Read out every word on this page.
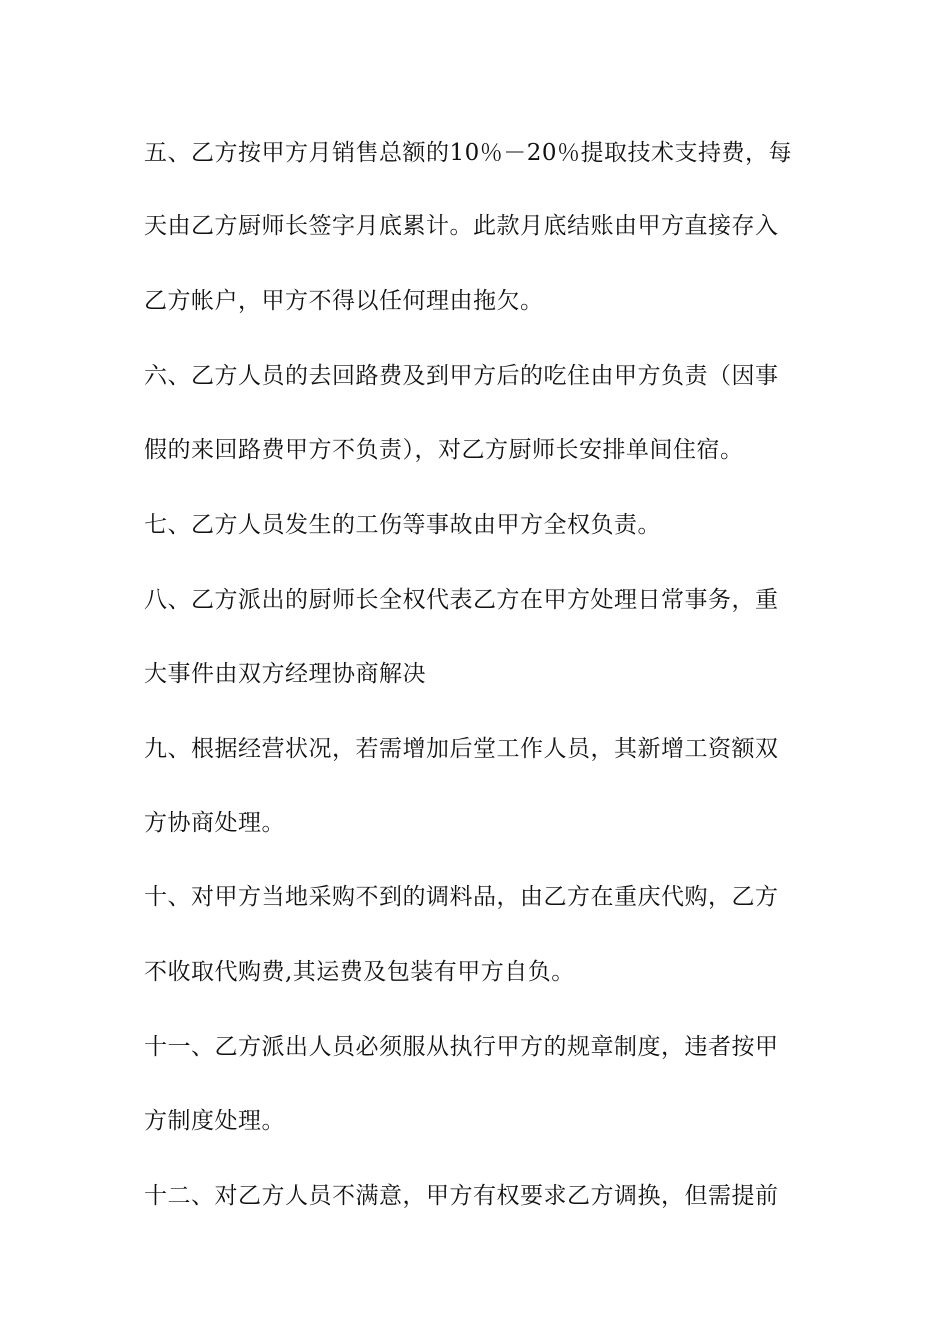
五、乙方按甲方月销售总额的10％－20％提取技术支持费，每
天由乙方厨师长签字月底累计。此款月底结账由甲方直接存入
乙方帐户，甲方不得以任何理由拖欠。
六、乙方人员的去回路费及到甲方后的吃住由甲方负责（因事
假的来回路费甲方不负责），对乙方厨师长安排单间住宿。
七、乙方人员发生的工伤等事故由甲方全权负责。
八、乙方派出的厨师长全权代表乙方在甲方处理日常事务，重
大事件由双方经理协商解决
九、根据经营状况，若需增加后堂工作人员，其新增工资额双
方协商处理。
十、对甲方当地采购不到的调料品，由乙方在重庆代购，乙方
不收取代购费,其运费及包装有甲方自负。
十一、乙方派出人员必须服从执行甲方的规章制度，违者按甲
方制度处理。
十二、对乙方人员不满意，甲方有权要求乙方调换，但需提前
